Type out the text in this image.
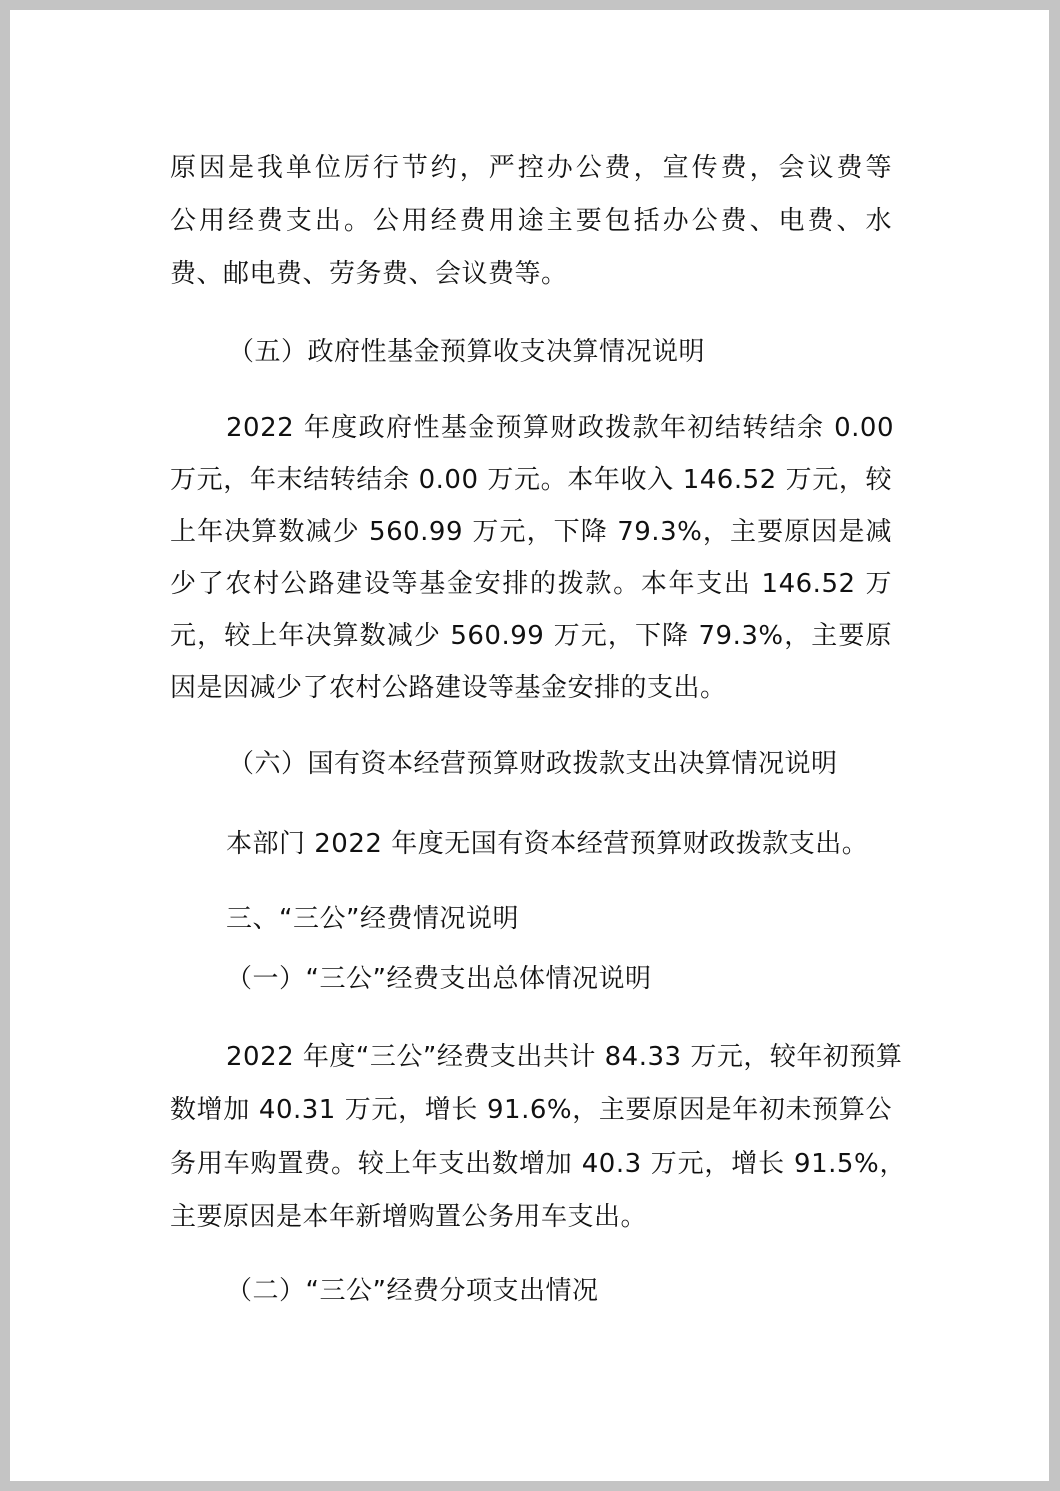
原因是我单位厉行节约，严控办公费，宣传费，会议费等

公用经费支出。公用经费用途主要包括办公费、电费、水

费、邮电费、劳务费、会议费等。

（五）政府性基金预算收支决算情况说明

2022 年度政府性基金预算财政拨款年初结转结余 0.00

万元，年末结转结余 0.00 万元。本年收入 146.52 万元，较

上年决算数减少 560.99 万元，下降 79.3%，主要原因是减

少了农村公路建设等基金安排的拨款。本年支出 146.52 万

元，较上年决算数减少 560.99 万元，下降 79.3%，主要原

因是因减少了农村公路建设等基金安排的支出。

（六）国有资本经营预算财政拨款支出决算情况说明

本部门 2022 年度无国有资本经营预算财政拨款支出。

三、“三公”经费情况说明

（一）“三公”经费支出总体情况说明

2022 年度“三公”经费支出共计 84.33 万元，较年初预算

数增加 40.31 万元，增长 91.6%，主要原因是年初未预算公

务用车购置费。较上年支出数增加 40.3 万元，增长 91.5%，

主要原因是本年新增购置公务用车支出。

（二）“三公”经费分项支出情况
